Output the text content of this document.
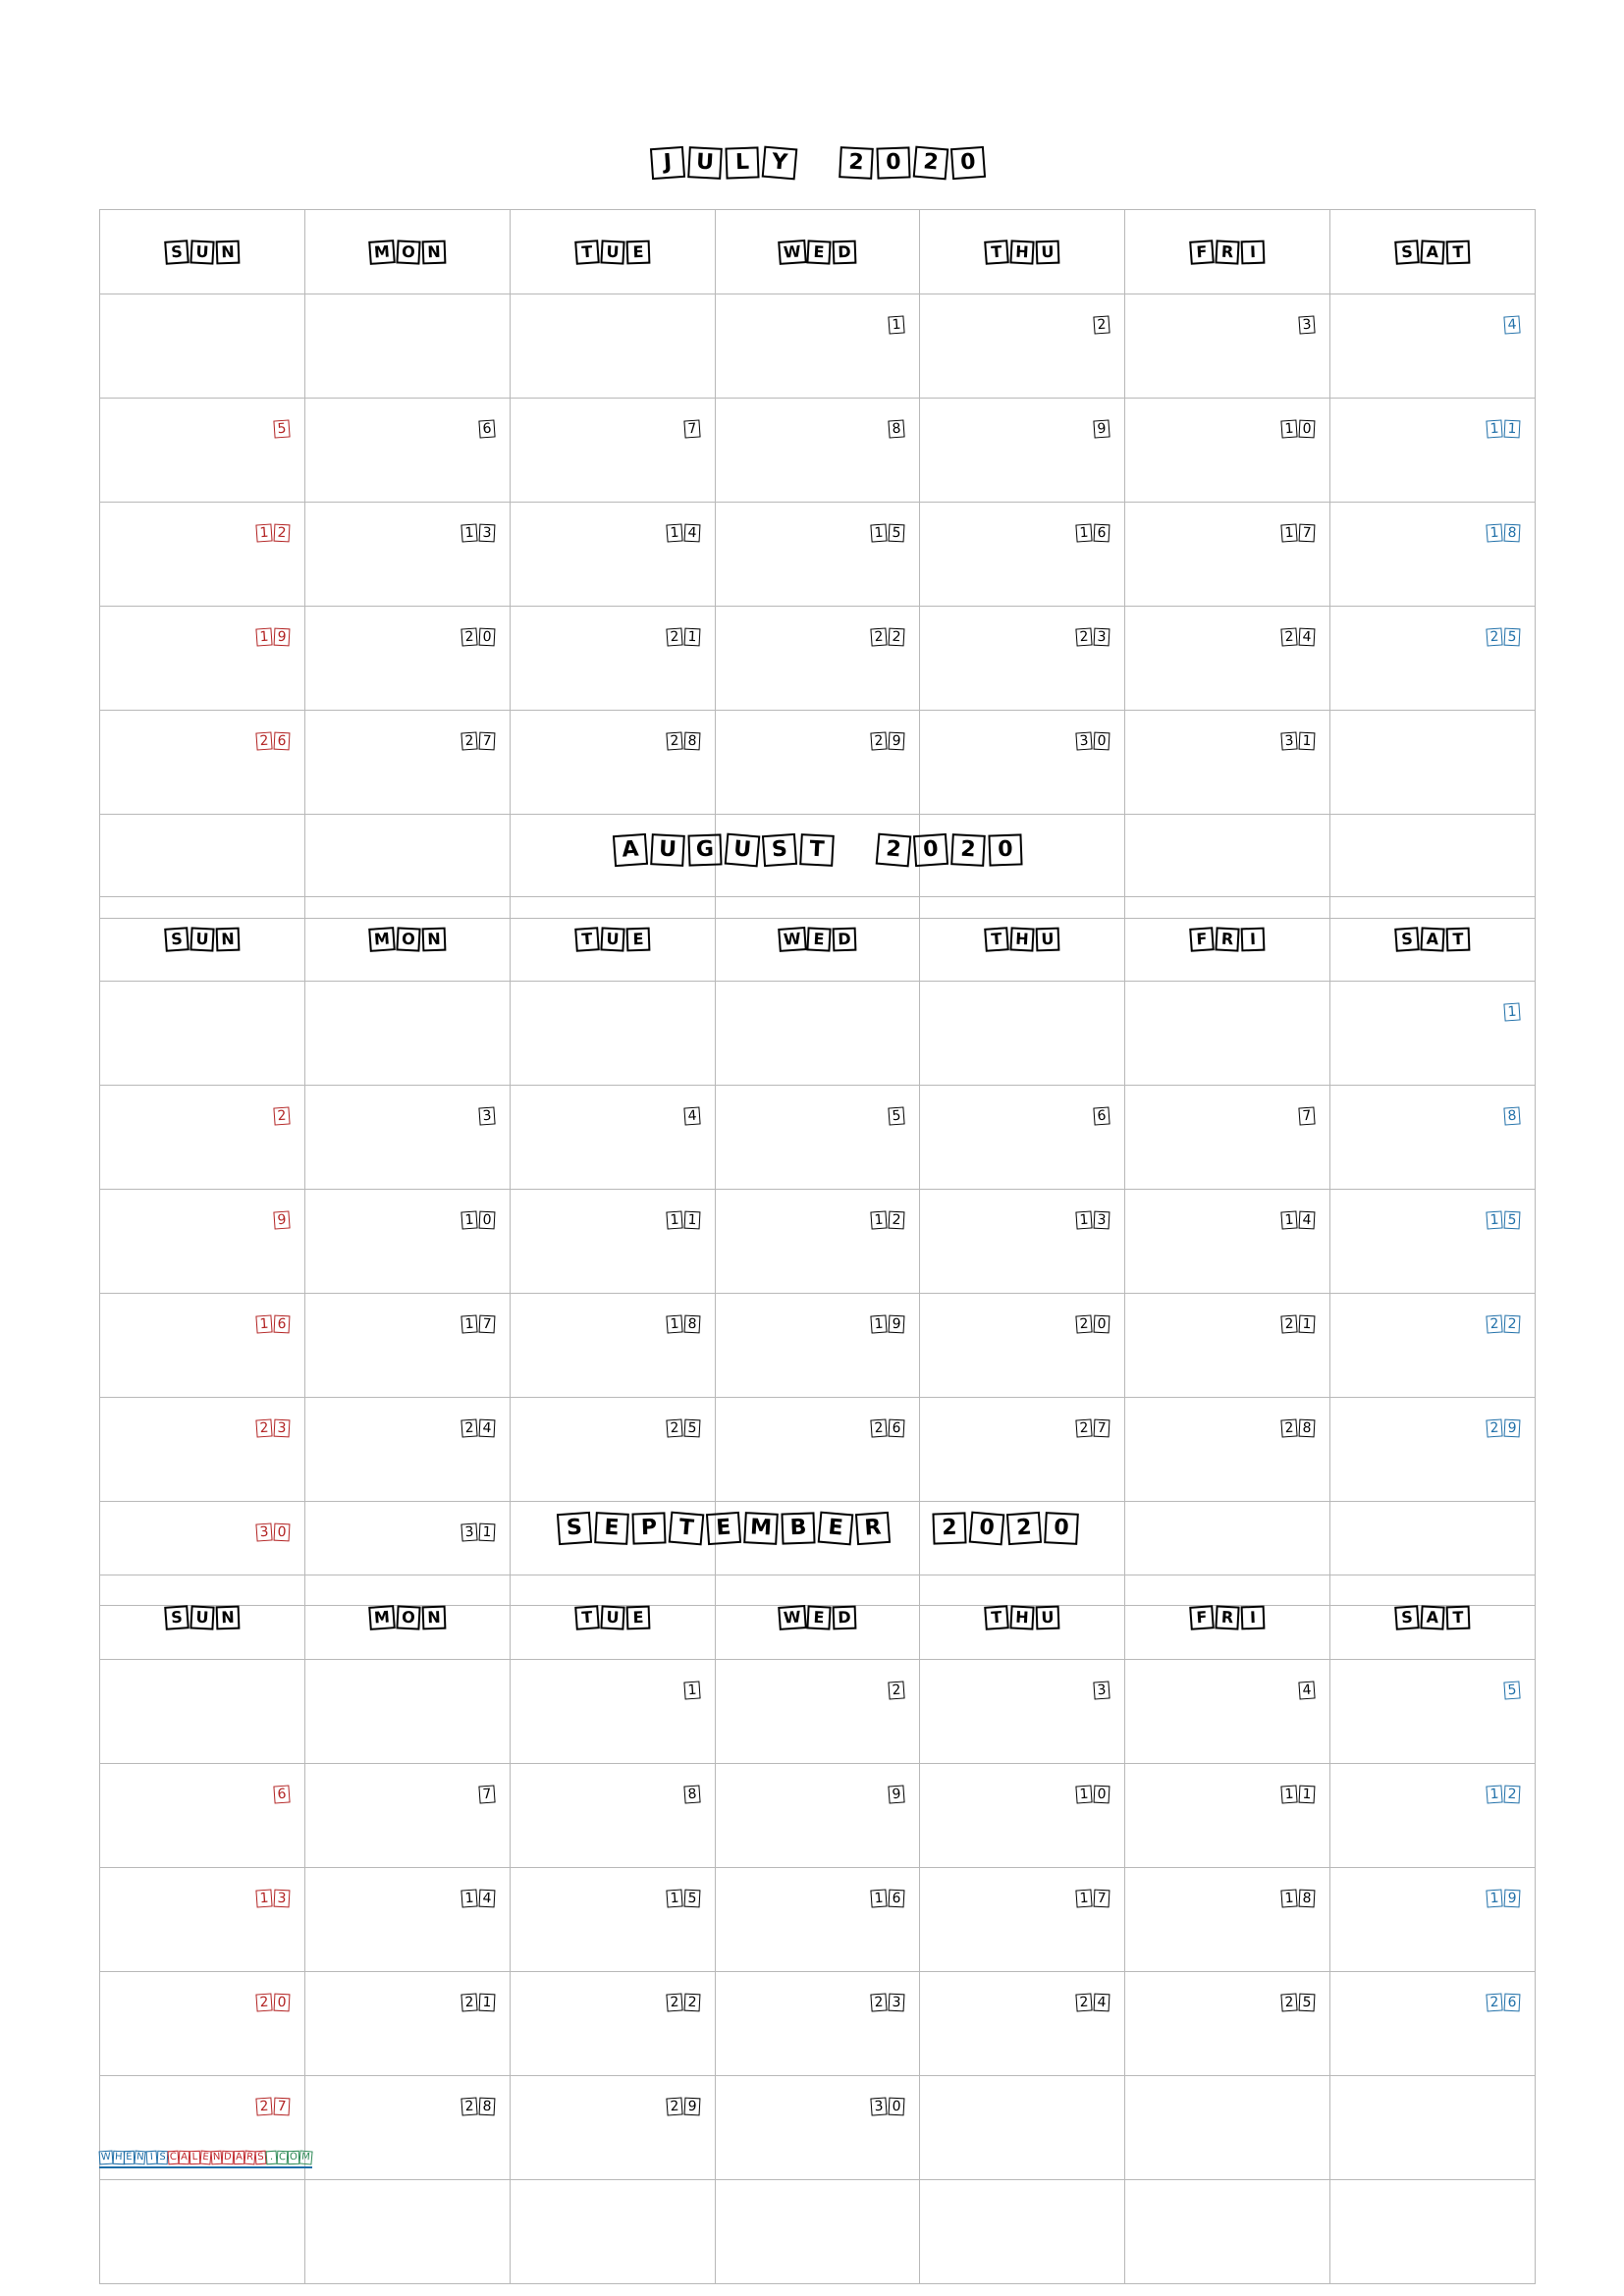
J	U L Y
	2 0 2 0
S U N	M O N	T U E	W E D	T H U	F R I	S A T

			1	2	3	4

5	6	7	8	9	1 0	1 1

1 2	1 3	1 4	1 5	1 6	1 7	1 8

1 9	2 0	2 1	2 2	2 3	2 4	2 5

2 6	2 7	2 8	2 9	3 0	3 1	

A U G U S T
	2 0 2 0
S U N	M O N	T U E	W E D	T H U	F R I	S A T

						1

2	3	4	5	6	7	8

9	1 0	1 1	1 2	1 3	1 4	1 5

1 6	1 7	1 8	1 9	2 0	2 1	2 2

2 3	2 4	2 5	2 6	2 7	2 8	2 9

3 0	3 1					
						S E P T E M B E R
	2 0 2 0
S U N	M O N	T U E	W E D	T H U	F R I	S A T

		1	2	3	4	5

6	7	8	9	1 0	1 1	1 2

1 3	1 4	1 5	1 6	1 7	1 8	1 9

2 0	2 1	2 2	2 3	2 4	2 5	2 6

2 7	2 8	2 9	3 0			

W H E N I S C A L E N D A R S . C O M
